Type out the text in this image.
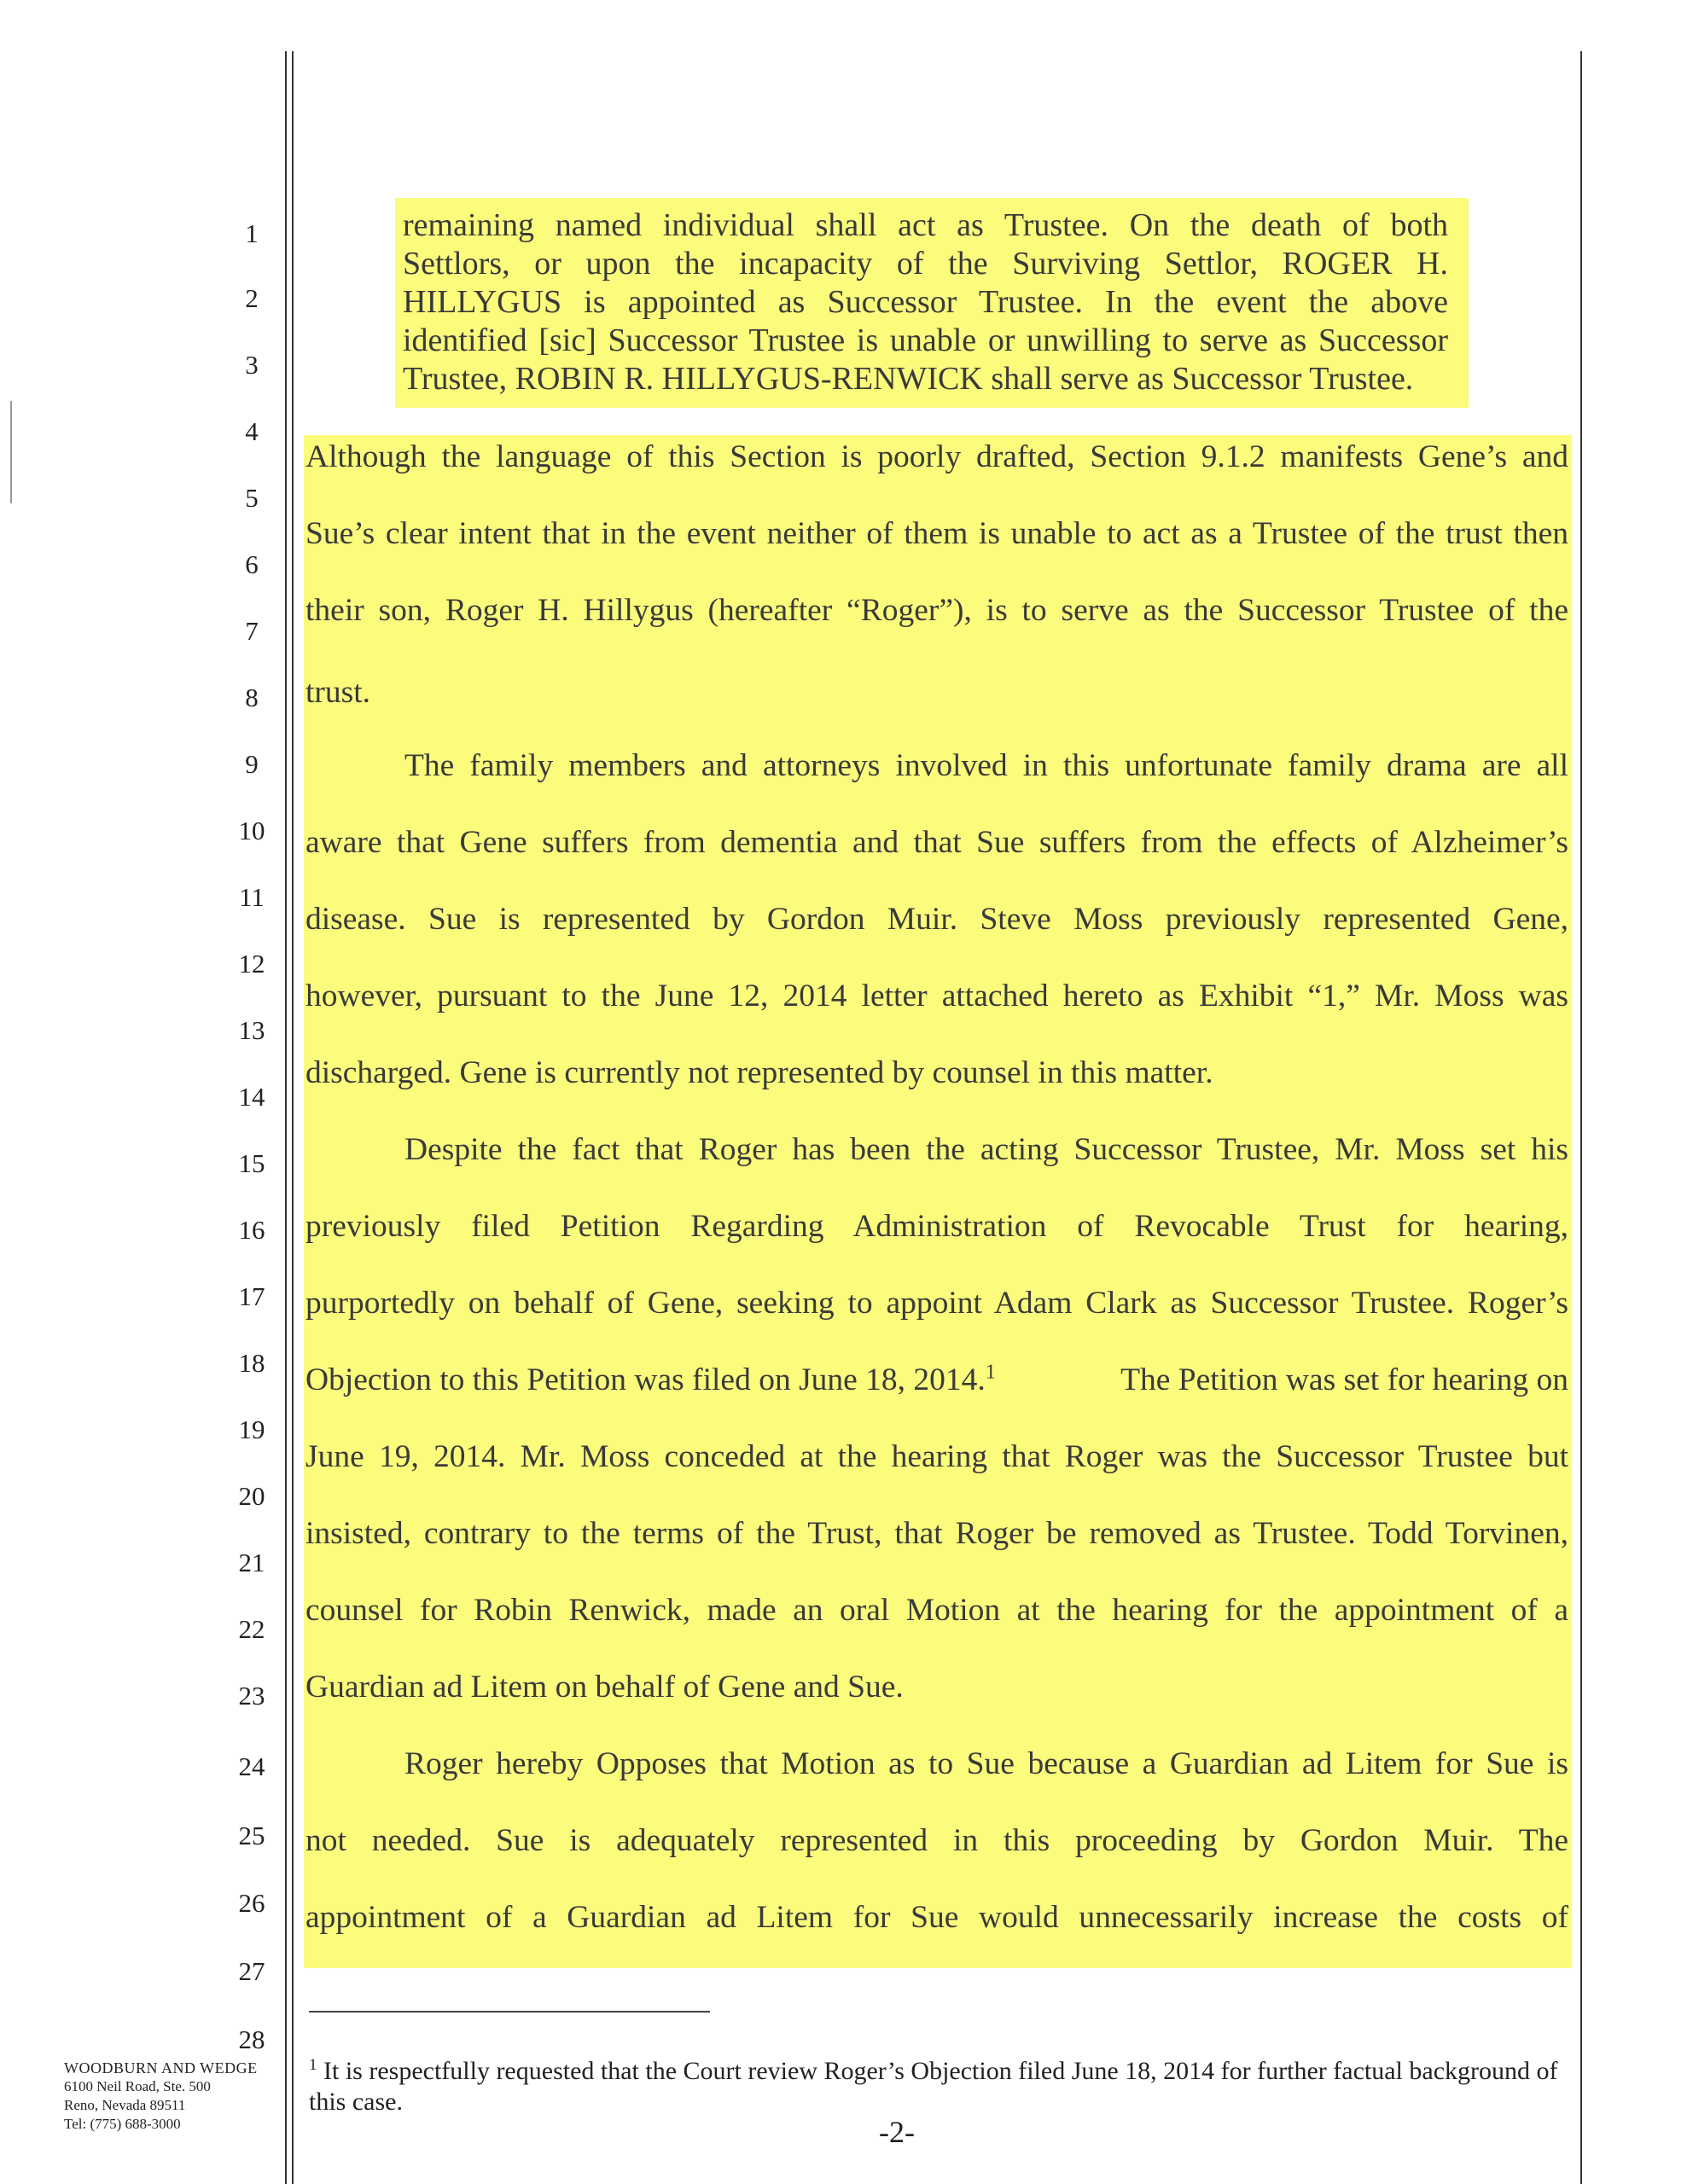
1
2
3
4
5
6
7
8
9
10
11
12
13
14
15
16
17
18
19
20
21
22
23
24
25
26
27
28

remaining named individual shall act as Trustee. On the death of both

Settlors, or upon the incapacity of the Surviving Settlor, ROGER H.

HILLYGUS is appointed as Successor Trustee. In the event the above

identified [sic] Successor Trustee is unable or unwilling to serve as Successor

Trustee, ROBIN R. HILLYGUS-RENWICK shall serve as Successor Trustee.

Although the language of this Section is poorly drafted, Section 9.1.2 manifests Gene’s and
Sue’s clear intent that in the event neither of them is unable to act as a Trustee of the trust then
their son, Roger H. Hillygus (hereafter “Roger”), is to serve as the Successor Trustee of the
trust.
The family members and attorneys involved in this unfortunate family drama are all
aware that Gene suffers from dementia and that Sue suffers from the effects of Alzheimer’s
disease. Sue is represented by Gordon Muir. Steve Moss previously represented Gene,
however, pursuant to the June 12, 2014 letter attached hereto as Exhibit “1,” Mr. Moss was
discharged. Gene is currently not represented by counsel in this matter.
Despite the fact that Roger has been the acting Successor Trustee, Mr. Moss set his
previously filed Petition Regarding Administration of Revocable Trust for hearing,
purportedly on behalf of Gene, seeking to appoint Adam Clark as Successor Trustee. Roger’s
Objection to this Petition was filed on June 18, 2014.$^1$	The Petition was set for hearing on
June 19, 2014. Mr. Moss conceded at the hearing that Roger was the Successor Trustee but
insisted, contrary to the terms of the Trust, that Roger be removed as Trustee. Todd Torvinen,
counsel for Robin Renwick, made an oral Motion at the hearing for the appointment of a
Guardian ad Litem on behalf of Gene and Sue.
Roger hereby Opposes that Motion as to Sue because a Guardian ad Litem for Sue is
not needed. Sue is adequately represented in this proceeding by Gordon Muir. The
appointment of a Guardian ad Litem for Sue would unnecessarily increase the costs of
$^1$ It is respectfully requested that the Court review Roger’s Objection filed June 18, 2014 for further factual background of this case.
WOODBURN AND WEDGE
6100 Neil Road, Ste. 500
Reno, Nevada 89511
Tel: (775) 688-3000	-2-
